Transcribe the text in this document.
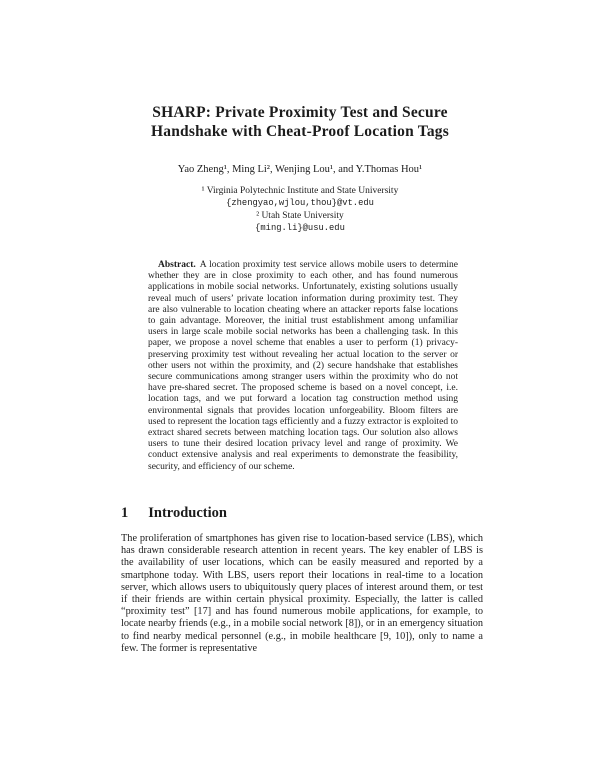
SHARP: Private Proximity Test and Secure
Handshake with Cheat-Proof Location Tags
Yao Zheng¹, Ming Li², Wenjing Lou¹, and Y.Thomas Hou¹
¹ Virginia Polytechnic Institute and State University
{zhengyao,wjlou,thou}@vt.edu
² Utah State University
{ming.li}@usu.edu

Abstract. A location proximity test service allows mobile users to determine whether they are in close proximity to each other, and has found numerous applications in mobile social networks. Unfortunately, existing solutions usually reveal much of users’ private location information during proximity test. They are also vulnerable to location cheating where an attacker reports false locations to gain advantage. Moreover, the initial trust establishment among unfamiliar users in large scale mobile social networks has been a challenging task. In this paper, we propose a novel scheme that enables a user to perform (1) privacy-preserving proximity test without revealing her actual location to the server or other users not within the proximity, and (2) secure handshake that establishes secure communications among stranger users within the proximity who do not have pre-shared secret. The proposed scheme is based on a novel concept, i.e. location tags, and we put forward a location tag construction method using environmental signals that provides location unforgeability. Bloom filters are used to represent the location tags efficiently and a fuzzy extractor is exploited to extract shared secrets between matching location tags. Our solution also allows users to tune their desired location privacy level and range of proximity. We conduct extensive analysis and real experiments to demonstrate the feasibility, security, and efficiency of our scheme.

1 Introduction

The proliferation of smartphones has given rise to location-based service (LBS), which has drawn considerable research attention in recent years. The key enabler of LBS is the availability of user locations, which can be easily measured and reported by a smartphone today. With LBS, users report their locations in real-time to a location server, which allows users to ubiquitously query places of interest around them, or test if their friends are within certain physical proximity. Especially, the latter is called “proximity test” [17] and has found numerous mobile applications, for example, to locate nearby friends (e.g., in a mobile social network [8]), or in an emergency situation to find nearby medical personnel (e.g., in mobile healthcare [9, 10]), only to name a few. The former is representative
